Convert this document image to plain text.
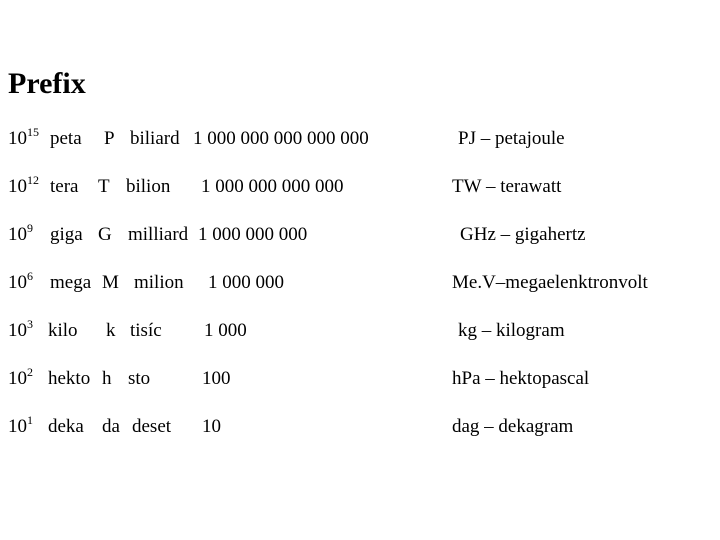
Prefix
$10^{15}$ peta P biliard 1 000 000 000 000 000	PJ – petajoule
$10^{12}$ tera T bilion 1 000 000 000 000	TW – terawatt
$10^9$ giga G milliard 1 000 000 000	GHz – gigahertz
$10^6$ mega M milion 1 000 000	Me.V–megaelenktronvolt
$10^3$ kilo k tisíc 1 000	kg – kilogram
$10^2$ hekto h sto	100	hPa – hektopascal
$10^1$ deka da deset 10	dag – dekagram
